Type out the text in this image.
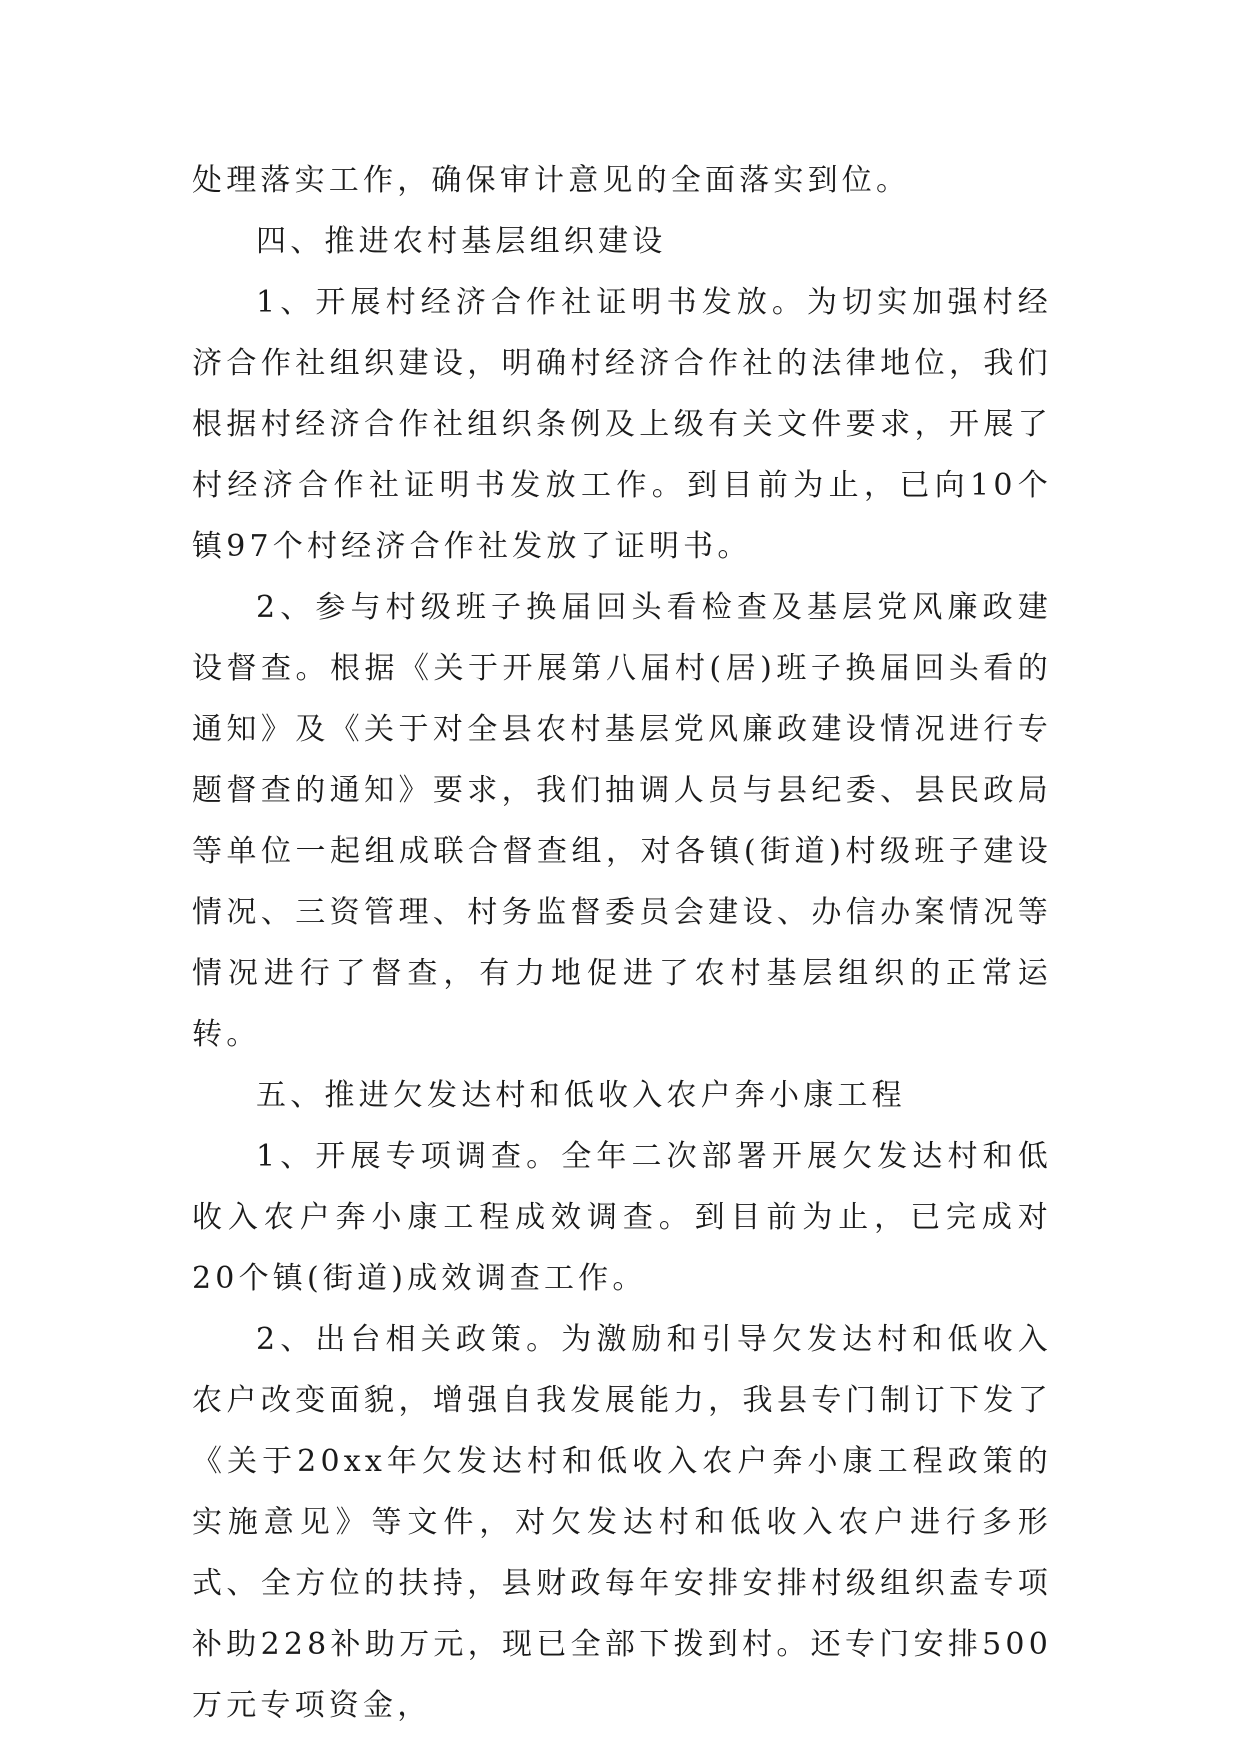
处理落实工作，确保审计意见的全面落实到位。

四、推进农村基层组织建设

1、开展村经济合作社证明书发放。为切实加强村经济合作社组织建设，明确村经济合作社的法律地位，我们根据村经济合作社组织条例及上级有关文件要求，开展了村经济合作社证明书发放工作。到目前为止，已向10个镇97个村经济合作社发放了证明书。

2、参与村级班子换届回头看检查及基层党风廉政建设督查。根据《关于开展第八届村(居)班子换届回头看的通知》及《关于对全县农村基层党风廉政建设情况进行专题督查的通知》要求，我们抽调人员与县纪委、县民政局等单位一起组成联合督查组，对各镇(街道)村级班子建设情况、三资管理、村务监督委员会建设、办信办案情况等情况进行了督查，有力地促进了农村基层组织的正常运转。

五、推进欠发达村和低收入农户奔小康工程

1、开展专项调查。全年二次部署开展欠发达村和低收入农户奔小康工程成效调查。到目前为止，已完成对20个镇(街道)成效调查工作。

2、出台相关政策。为激励和引导欠发达村和低收入农户改变面貌，增强自我发展能力，我县专门制订下发了《关于20xx年欠发达村和低收入农户奔小康工程政策的实施意见》等文件，对欠发达村和低收入农户进行多形式、全方位的扶持，县财政每年安排安排村级组织盍专项补助228补助万元，现已全部下拨到村。还专门安排500万元专项资金，
